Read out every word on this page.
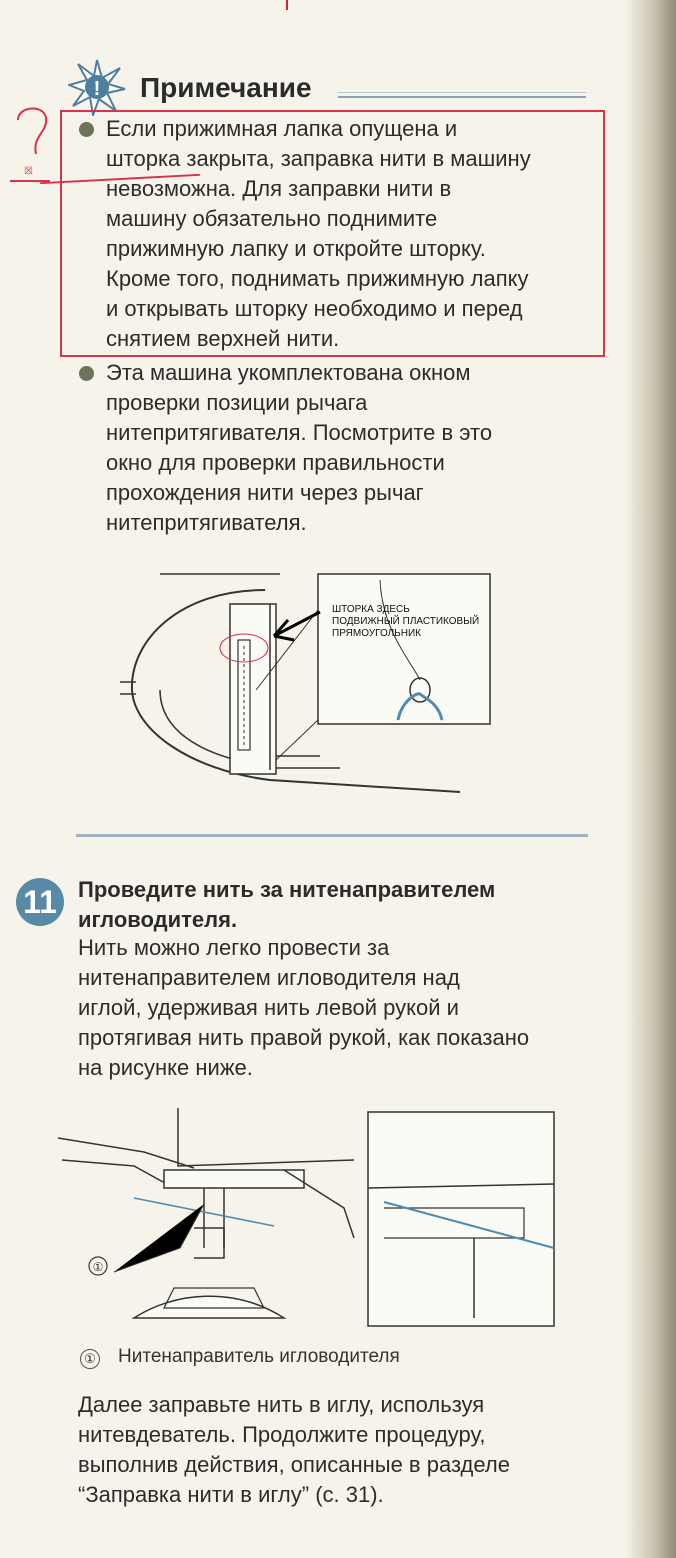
! Примечание
☒
Если прижимная лапка опущена и
шторка закрыта, заправка нити в машину
невозможна. Для заправки нити в
машину обязательно поднимите
прижимную лапку и откройте шторку.
Кроме того, поднимать прижимную лапку
и открывать шторку необходимо и перед
снятием верхней нити.
Эта машина укомплектована окном
проверки позиции рычага
нитепритягивателя. Посмотрите в это
окно для проверки правильности
прохождения нити через рычаг
нитепритягивателя.
ШТОРКА ЗДЕСЬ
ПОДВИЖНЫЙ ПЛАСТИКОВЫЙ
ПРЯМОУГОЛЬНИК
11 Проведите нить за нитенаправителем
игловодителя.
Нить можно легко провести за
нитенаправителем игловодителя над
иглой, удерживая нить левой рукой и
протягивая нить правой рукой, как показано
на рисунке ниже.
①
① Нитенаправитель игловодителя
Далее заправьте нить в иглу, используя
нитевдеватель. Продолжите процедуру,
выполнив действия, описанные в разделе
“Заправка нити в иглу” (с. 31).
